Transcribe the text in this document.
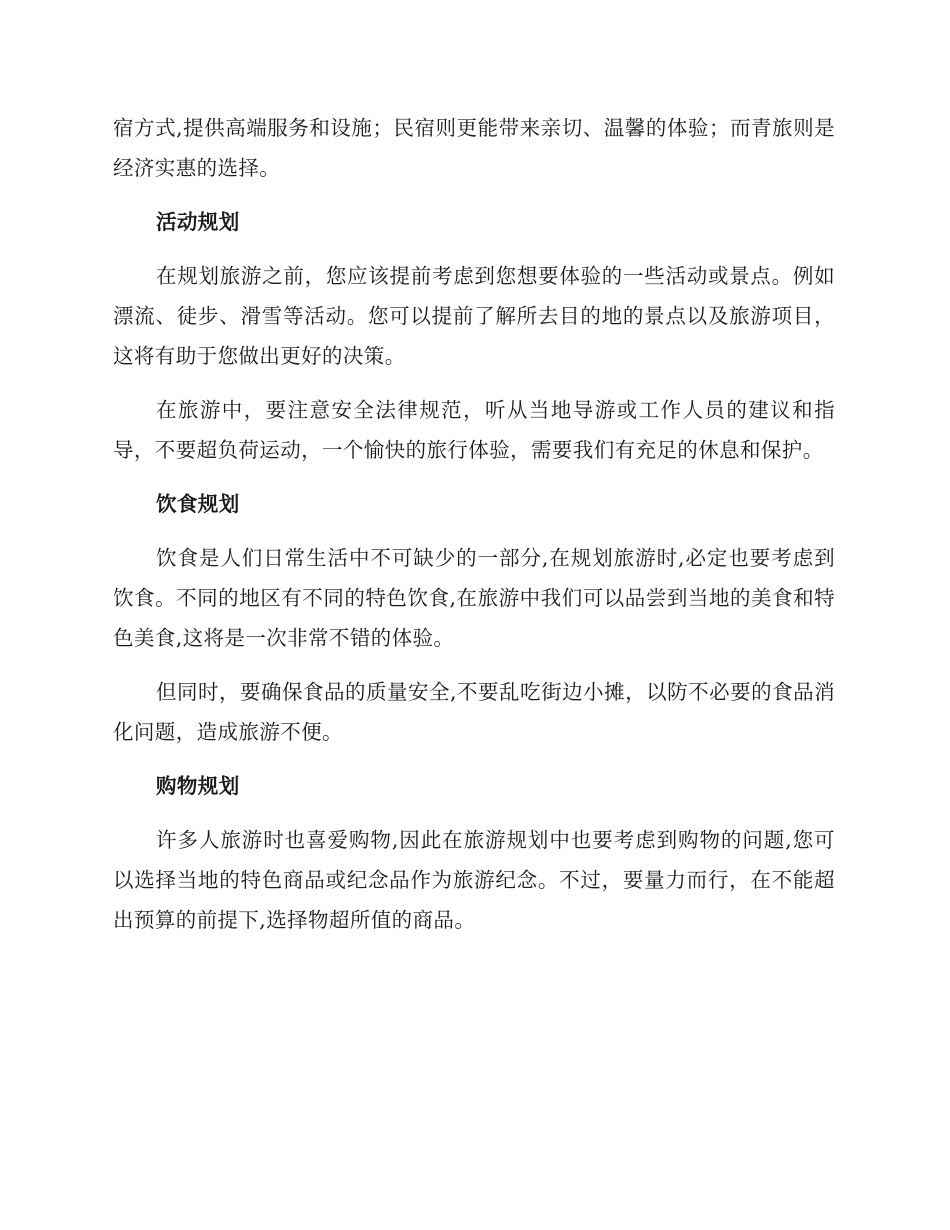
宿方式,提供高端服务和设施；民宿则更能带来亲切、温馨的体验；而青旅则是经济实惠的选择。

活动规划

在规划旅游之前，您应该提前考虑到您想要体验的一些活动或景点。例如漂流、徒步、滑雪等活动。您可以提前了解所去目的地的景点以及旅游项目，这将有助于您做出更好的决策。

在旅游中，要注意安全法律规范，听从当地导游或工作人员的建议和指导，不要超负荷运动，一个愉快的旅行体验，需要我们有充足的休息和保护。

饮食规划

饮食是人们日常生活中不可缺少的一部分,在规划旅游时,必定也要考虑到饮食。不同的地区有不同的特色饮食,在旅游中我们可以品尝到当地的美食和特色美食,这将是一次非常不错的体验。

但同时，要确保食品的质量安全,不要乱吃街边小摊，以防不必要的食品消化问题，造成旅游不便。

购物规划

许多人旅游时也喜爱购物,因此在旅游规划中也要考虑到购物的问题,您可以选择当地的特色商品或纪念品作为旅游纪念。不过，要量力而行，在不能超出预算的前提下,选择物超所值的商品。
